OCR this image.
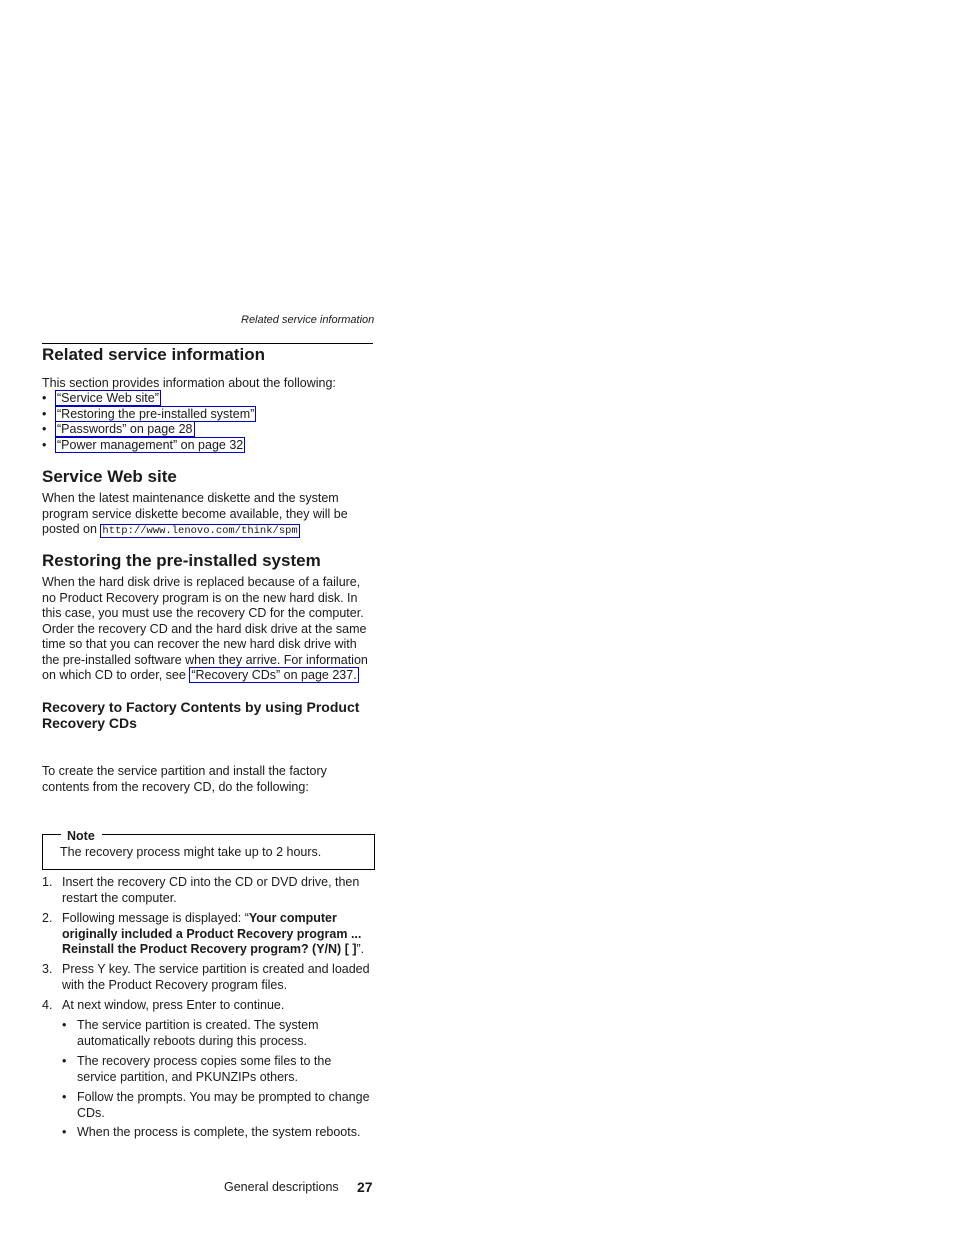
Related service information
Related service information
This section provides information about the following:
• “Service Web site”
• “Restoring the pre-installed system”
• “Passwords” on page 28
• “Power management” on page 32
Service Web site
When the latest maintenance diskette and the system program service diskette become available, they will be posted on http://www.lenovo.com/think/spm
Restoring the pre-installed system
When the hard disk drive is replaced because of a failure, no Product Recovery program is on the new hard disk. In this case, you must use the recovery CD for the computer. Order the recovery CD and the hard disk drive at the same time so that you can recover the new hard disk drive with the pre-installed software when they arrive. For information on which CD to order, see “Recovery CDs” on page 237.
Recovery to Factory Contents by using Product Recovery CDs
To create the service partition and install the factory contents from the recovery CD, do the following:
Note
The recovery process might take up to 2 hours.
1. Insert the recovery CD into the CD or DVD drive, then restart the computer.
2. Following message is displayed: “Your computer originally included a Product Recovery program ... Reinstall the Product Recovery program? (Y/N) [ ]”.
3. Press Y key. The service partition is created and loaded with the Product Recovery program files.
4. At next window, press Enter to continue.
• The service partition is created. The system automatically reboots during this process.
• The recovery process copies some files to the service partition, and PKUNZIPs others.
• Follow the prompts. You may be prompted to change CDs.
• When the process is complete, the system reboots.
General descriptions 27
